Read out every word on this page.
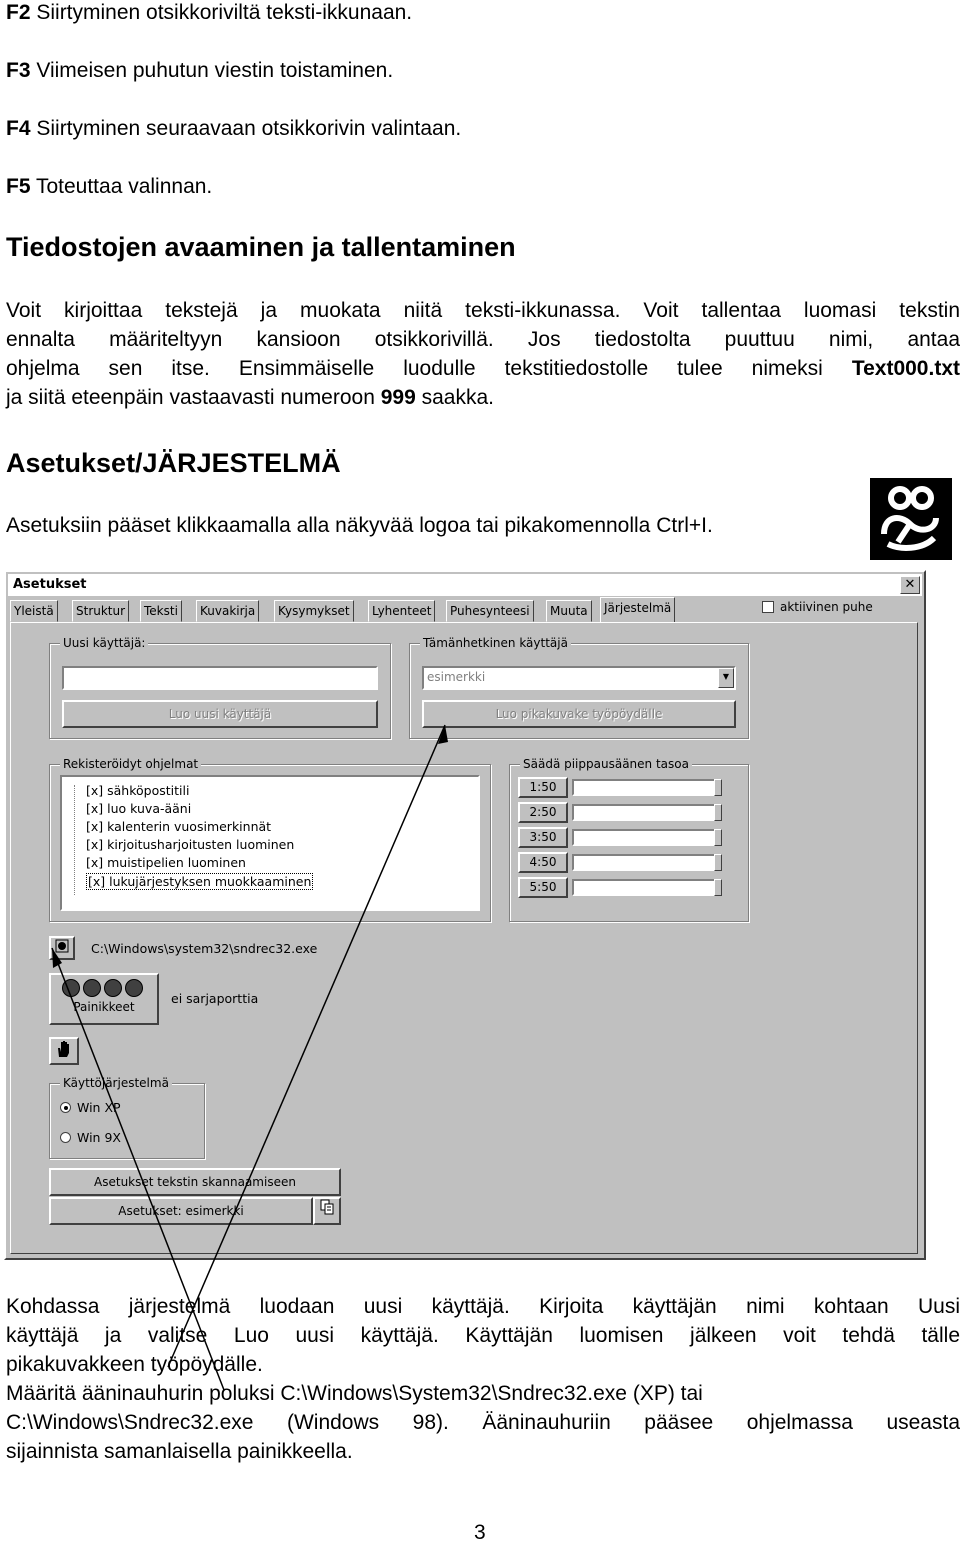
F2 Siirtyminen otsikkoriviltä teksti-ikkunaan.
F3 Viimeisen puhutun viestin toistaminen.
F4 Siirtyminen seuraavaan otsikkorivin valintaan.
F5 Toteuttaa valinnan.
Tiedostojen avaaminen ja tallentaminen
Voit kirjoittaa tekstejä ja muokata niitä teksti-ikkunassa. Voit tallentaa luomasi tekstin
ennalta määriteltyyn kansioon otsikkorivillä. Jos tiedostolta puuttuu nimi, antaa
ohjelma sen itse. Ensimmäiselle luodulle tekstitiedostolle tulee nimeksi Text000.txt
ja siitä eteenpäin vastaavasti numeroon 999 saakka.
Asetukset/JÄRJESTELMÄ
Asetuksiin pääset klikkaamalla alla näkyvää logoa tai pikakomennolla Ctrl+I.
Asetukset	✕
Yleistä	Struktur	Teksti	Kuvakirja	Kysymykset	Lyhenteet	Puhesynteesi	Muuta	Järjestelmä	aktiivinen puhe
Uusi käyttäjä:
Luo uusi käyttäjä
Tämänhetkinen käyttäjä
esimerkki	▼
Luo pikakuvake työpöydälle
Rekisteröidyt ohjelmat
[x] sähköpostitili
[x] luo kuva-ääni
[x] kalenterin vuosimerkinnät
[x] kirjoitusharjoitusten luominen
[x] muistipelien luominen
[x] lukujärjestyksen muokkaaminen
Säädä piippausäänen tasoa
1:50
2:50
3:50
4:50
5:50
C:\Windows\system32\sndrec32.exe
Painikkeet
ei sarjaporttia
Käyttöjärjestelmä
Win XP
Win 9X
Asetukset tekstin skannaamiseen
Asetukset: esimerkki
Kohdassa järjestelmä luodaan uusi käyttäjä. Kirjoita käyttäjän nimi kohtaan Uusi
käyttäjä ja valitse Luo uusi käyttäjä. Käyttäjän luomisen jälkeen voit tehdä tälle
pikakuvakkeen työpöydälle.
Määritä ääninauhurin poluksi C:\Windows\System32\Sndrec32.exe (XP) tai
C:\Windows\Sndrec32.exe (Windows 98). Ääninauhuriin pääsee ohjelmassa useasta
sijainnista samanlaisella painikkeella.
3
